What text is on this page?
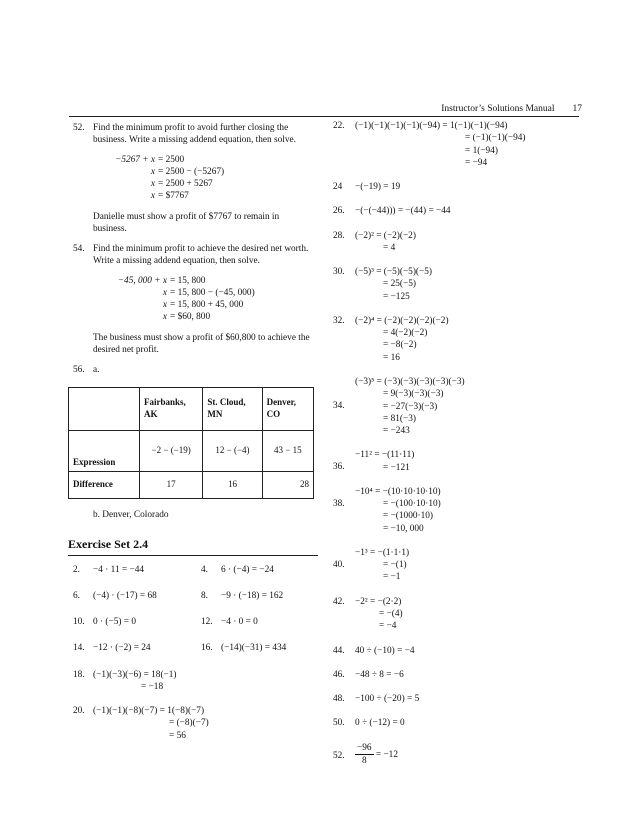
Instructor’s Solutions Manual 17
52. Find the minimum profit to avoid further closing the business. Write a missing addend equation, then solve.

−5267 + x = 2500
x = 2500 − (−5267)
x = 2500 + 5267
x = $7767

Danielle must show a profit of $7767 to remain in business.

54. Find the minimum profit to achieve the desired net worth. Write a missing addend equation, then solve.

−45, 000 + x = 15, 800
x = 15, 800 − (−45, 000)
x = 15, 800 + 45, 000
x = $60, 800

The business must show a profit of $60,800 to achieve the desired net profit.

56. a.

	Fairbanks, AK	St. Cloud, MN	Denver, CO
Expression	−2 − (−19)	12 − (−4)	43 − 15
Difference	17	16	28

b. Denver, Colorado

Exercise Set 2.4
2. −4 · 11 = −44	4. 6 · (−4) = −24
6. (−4) · (−17) = 68	8. −9 · (−18) = 162
10. 0 · (−5) = 0	12. −4 · 0 = 0
14. −12 · (−2) = 24	16. (−14)(−31) = 434
18. (−1)(−3)(−6) = 18(−1)
= −18
20. (−1)(−1)(−8)(−7) = 1(−8)(−7)
= (−8)(−7)
= 56
22. (−1)(−1)(−1)(−1)(−94) = 1(−1)(−1)(−94)
= (−1)(−1)(−94)
= 1(−94)
= −94
24 −(−19) = 19
26. −(−(−44))) = −(44) = −44
28. (−2)² = (−2)(−2)
= 4
30. (−5)³ = (−5)(−5)(−5)
= 25(−5)
= −125
32. (−2)⁴ = (−2)(−2)(−2)(−2)
= 4(−2)(−2)
= −8(−2)
= 16
34.
(−3)⁵ = (−3)(−3)(−3)(−3)(−3)
= 9(−3)(−3)(−3)
= −27(−3)(−3)
= 81(−3)
= −243
36.
−11² = −(11·11)
= −121
38.
−10⁴ = −(10·10·10·10)
= −(100·10·10)
= −(1000·10)
= −10, 000
40.
−1³ = −(1·1·1)
= −(1)
= −1
42. −2² = −(2·2)
= −(4)
= −4
44. 40 ÷ (−10) = −4
46. −48 ÷ 8 = −6
48. −100 ÷ (−20) = 5
50. 0 ÷ (−12) = 0
52. $\frac{-96}{8} = -12$
